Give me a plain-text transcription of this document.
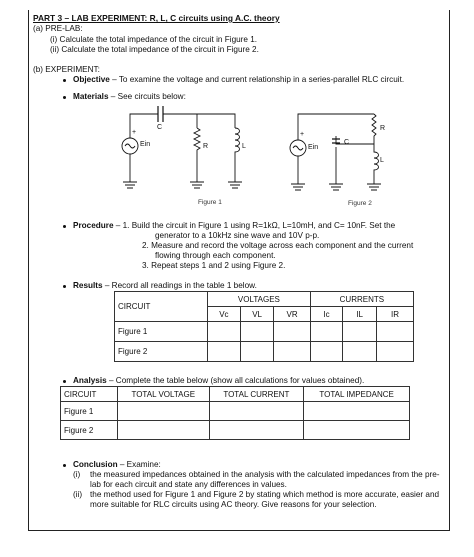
PART 3 – LAB EXPERIMENT: R, L, C circuits using A.C. theory
(a) PRE-LAB:
(i) Calculate the total impedance of the circuit in Figure 1.
(ii) Calculate the total impedance of the circuit in Figure 2.
(b) EXPERIMENT:
Objective – To examine the voltage and current relationship in a series-parallel RLC circuit.
Materials – See circuits below:
+
C
Ein	R	L
Figure 1
+
R
Ein
C
L
Figure 2
Procedure – 1. Build the circuit in Figure 1 using R=1kΩ, L=10mH, and C= 10nF. Set the
generator to a 10kHz sine wave and 10V p-p.
2. Measure and record the voltage across each component and the current
flowing through each component.
3. Repeat steps 1 and 2 using Figure 2.
Results – Record all readings in the table 1 below.
CIRCUIT	VOLTAGES			CURRENTS		
	Vc	VL	VR	Ic	IL	IR
Figure 1						
Figure 2						
Analysis – Complete the table below (show all calculations for values obtained).
CIRCUIT	TOTAL VOLTAGE	TOTAL CURRENT	TOTAL IMPEDANCE
Figure 1			
Figure 2			
Conclusion – Examine:
(i) the measured impedances obtained in the analysis with the calculated impedances from the pre-lab for each circuit and state any differences in values.
(ii) the method used for Figure 1 and Figure 2 by stating which method is more accurate, easier and more suitable for RLC circuits using AC theory. Give reasons for your selection.
